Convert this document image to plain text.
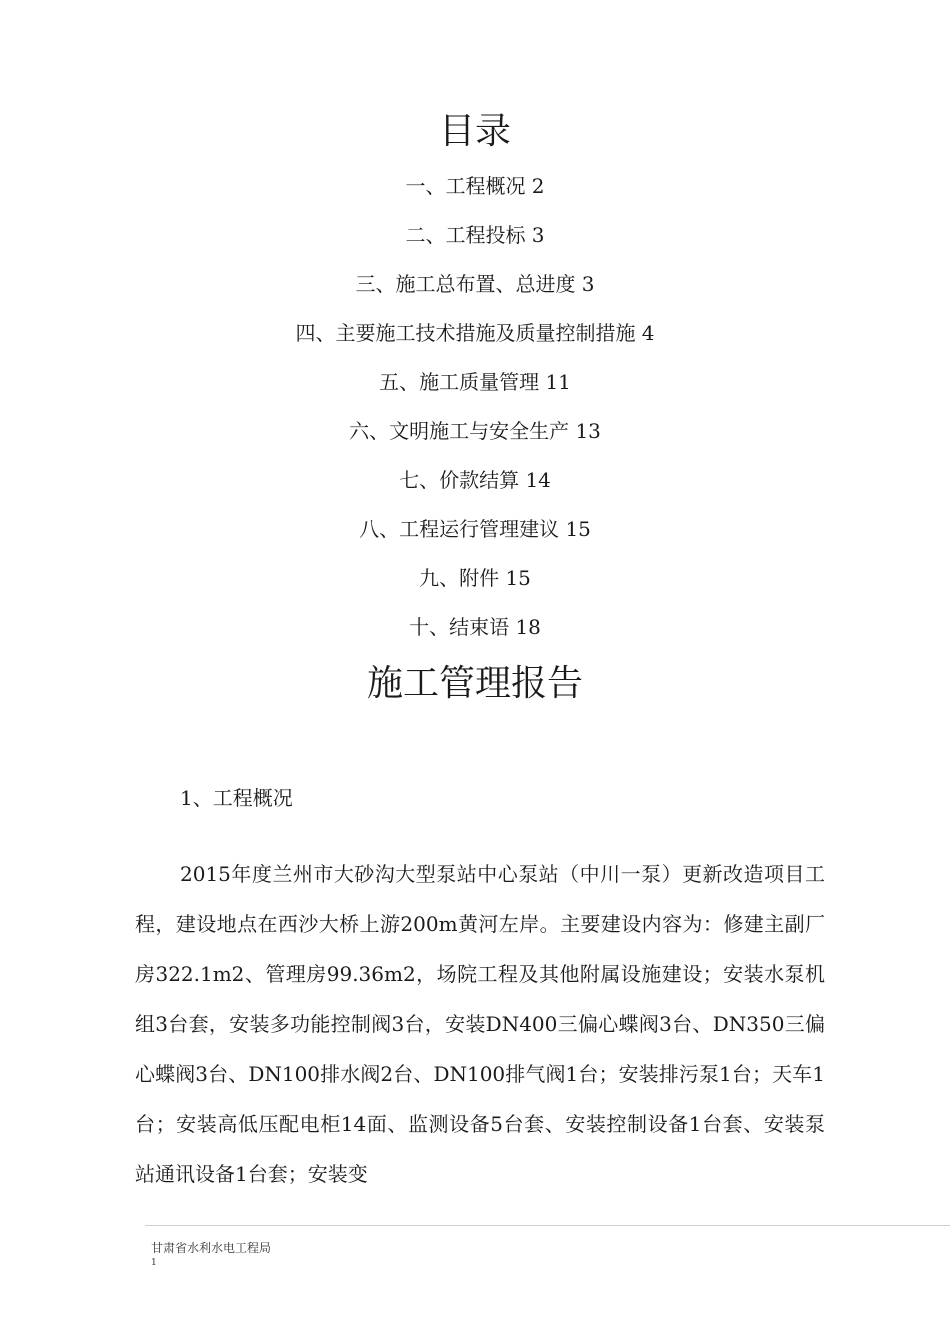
目录
一、工程概况 2
二、工程投标 3
三、施工总布置、总进度 3
四、主要施工技术措施及质量控制措施 4
五、施工质量管理 11
六、文明施工与安全生产 13
七、价款结算 14
八、工程运行管理建议 15
九、附件 15
十、结束语 18
施工管理报告
1、工程概况

2015年度兰州市大砂沟大型泵站中心泵站（中川一泵）更新改造项目工程，建设地点在西沙大桥上游200m黄河左岸。主要建设内容为：修建主副厂房322.1m2、管理房99.36m2，场院工程及其他附属设施建设；安装水泵机组3台套，安装多功能控制阀3台，安装DN400三偏心蝶阀3台、DN350三偏心蝶阀3台、DN100排水阀2台、DN100排气阀1台；安装排污泵1台；天车1台；安装高低压配电柜14面、监测设备5台套、安装控制设备1台套、安装泵站通讯设备1台套；安装变

甘肃省水利水电工程局
1
